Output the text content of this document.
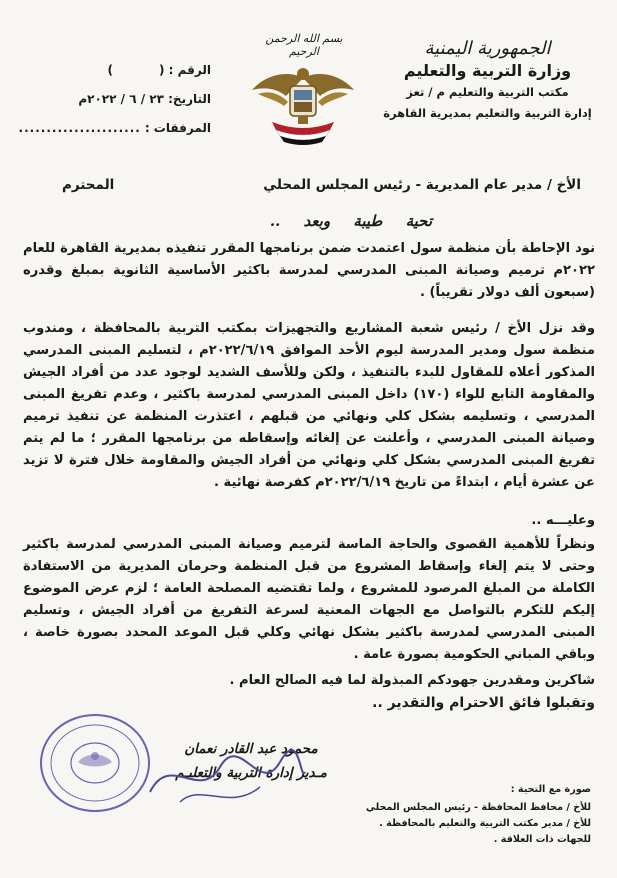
الجمهورية اليمنية
وزارة التربية والتعليم
مكتب التربية والتعليم م / تعز
إدارة التربية والتعليم بمديرية القاهرة
بسم الله الرحمن الرحيم
الرقم : (
)
التاريخ: ٢٣ / ٦ / ٢٠٢٢م
المرفقات :
......................
الأخ / مدير عام المديرية - رئيس المجلس المحلي
المحترم
تحية طيبة وبعد ..
نود الإحاطة بأن منظمة سول اعتمدت ضمن برنامجها المقرر تنفيذه بمديرية القاهرة للعام ٢٠٢٢م ترميم وصيانة المبنى المدرسي لمدرسة باكثير الأساسية الثانوية بمبلغ وقدره (سبعون ألف دولار تقريباً) .
وقد نزل الأخ / رئيس شعبة المشاريع والتجهيزات بمكتب التربية بالمحافظة ، ومندوب منظمة سول ومدير المدرسة ليوم الأحد الموافق ٢٠٢٢/٦/١٩م ، لتسليم المبنى المدرسي المذكور أعلاه للمقاول للبدء بالتنفيذ ، ولكن وللأسف الشديد لوجود عدد من أفراد الجيش والمقاومة التابع للواء (١٧٠) داخل المبنى المدرسي لمدرسة باكثير ، وعدم تفريغ المبنى المدرسي ، وتسليمه بشكل كلي ونهائي من قبلهم ، اعتذرت المنظمة عن تنفيذ ترميم وصيانة المبنى المدرسي ، وأعلنت عن إلغائه وإسقاطه من برنامجها المقرر ؛ ما لم يتم تفريغ المبنى المدرسي بشكل كلي ونهائي من أفراد الجيش والمقاومة خلال فترة لا تزيد عن عشرة أيام ، ابتداءً من تاريخ ٢٠٢٢/٦/١٩م كفرصة نهائية .
وعليـــه ..
ونظراً للأهمية القصوى والحاجة الماسة لترميم وصيانة المبنى المدرسي لمدرسة باكثير وحتى لا يتم إلغاء وإسقاط المشروع من قبل المنظمة وحرمان المديرية من الاستفادة الكاملة من المبلغ المرصود للمشروع ، ولما تقتضيه المصلحة العامة ؛ لزم عرض الموضوع إليكم للتكرم بالتواصل مع الجهات المعنية لسرعة التفريغ من أفراد الجيش ، وتسليم المبنى المدرسي لمدرسة باكثير بشكل نهائي وكلي قبل الموعد المحدد بصورة خاصة ، وباقي المباني الحكومية بصورة عامة .
شاكرين ومقدرين جهودكم المبذولة لما فيه الصالح العام .
وتقبلوا فائق الاحترام والتقدير ..
محمود عبد القادر نعمان
مـدير إدارة التربية والتعليـم
صورة مع التحية :
للأخ / محافظ المحافظة - رئيس المجلس المحلي
للأخ / مدير مكتب التربية والتعليم بالمحافظة .
للجهات ذات العلاقة .
